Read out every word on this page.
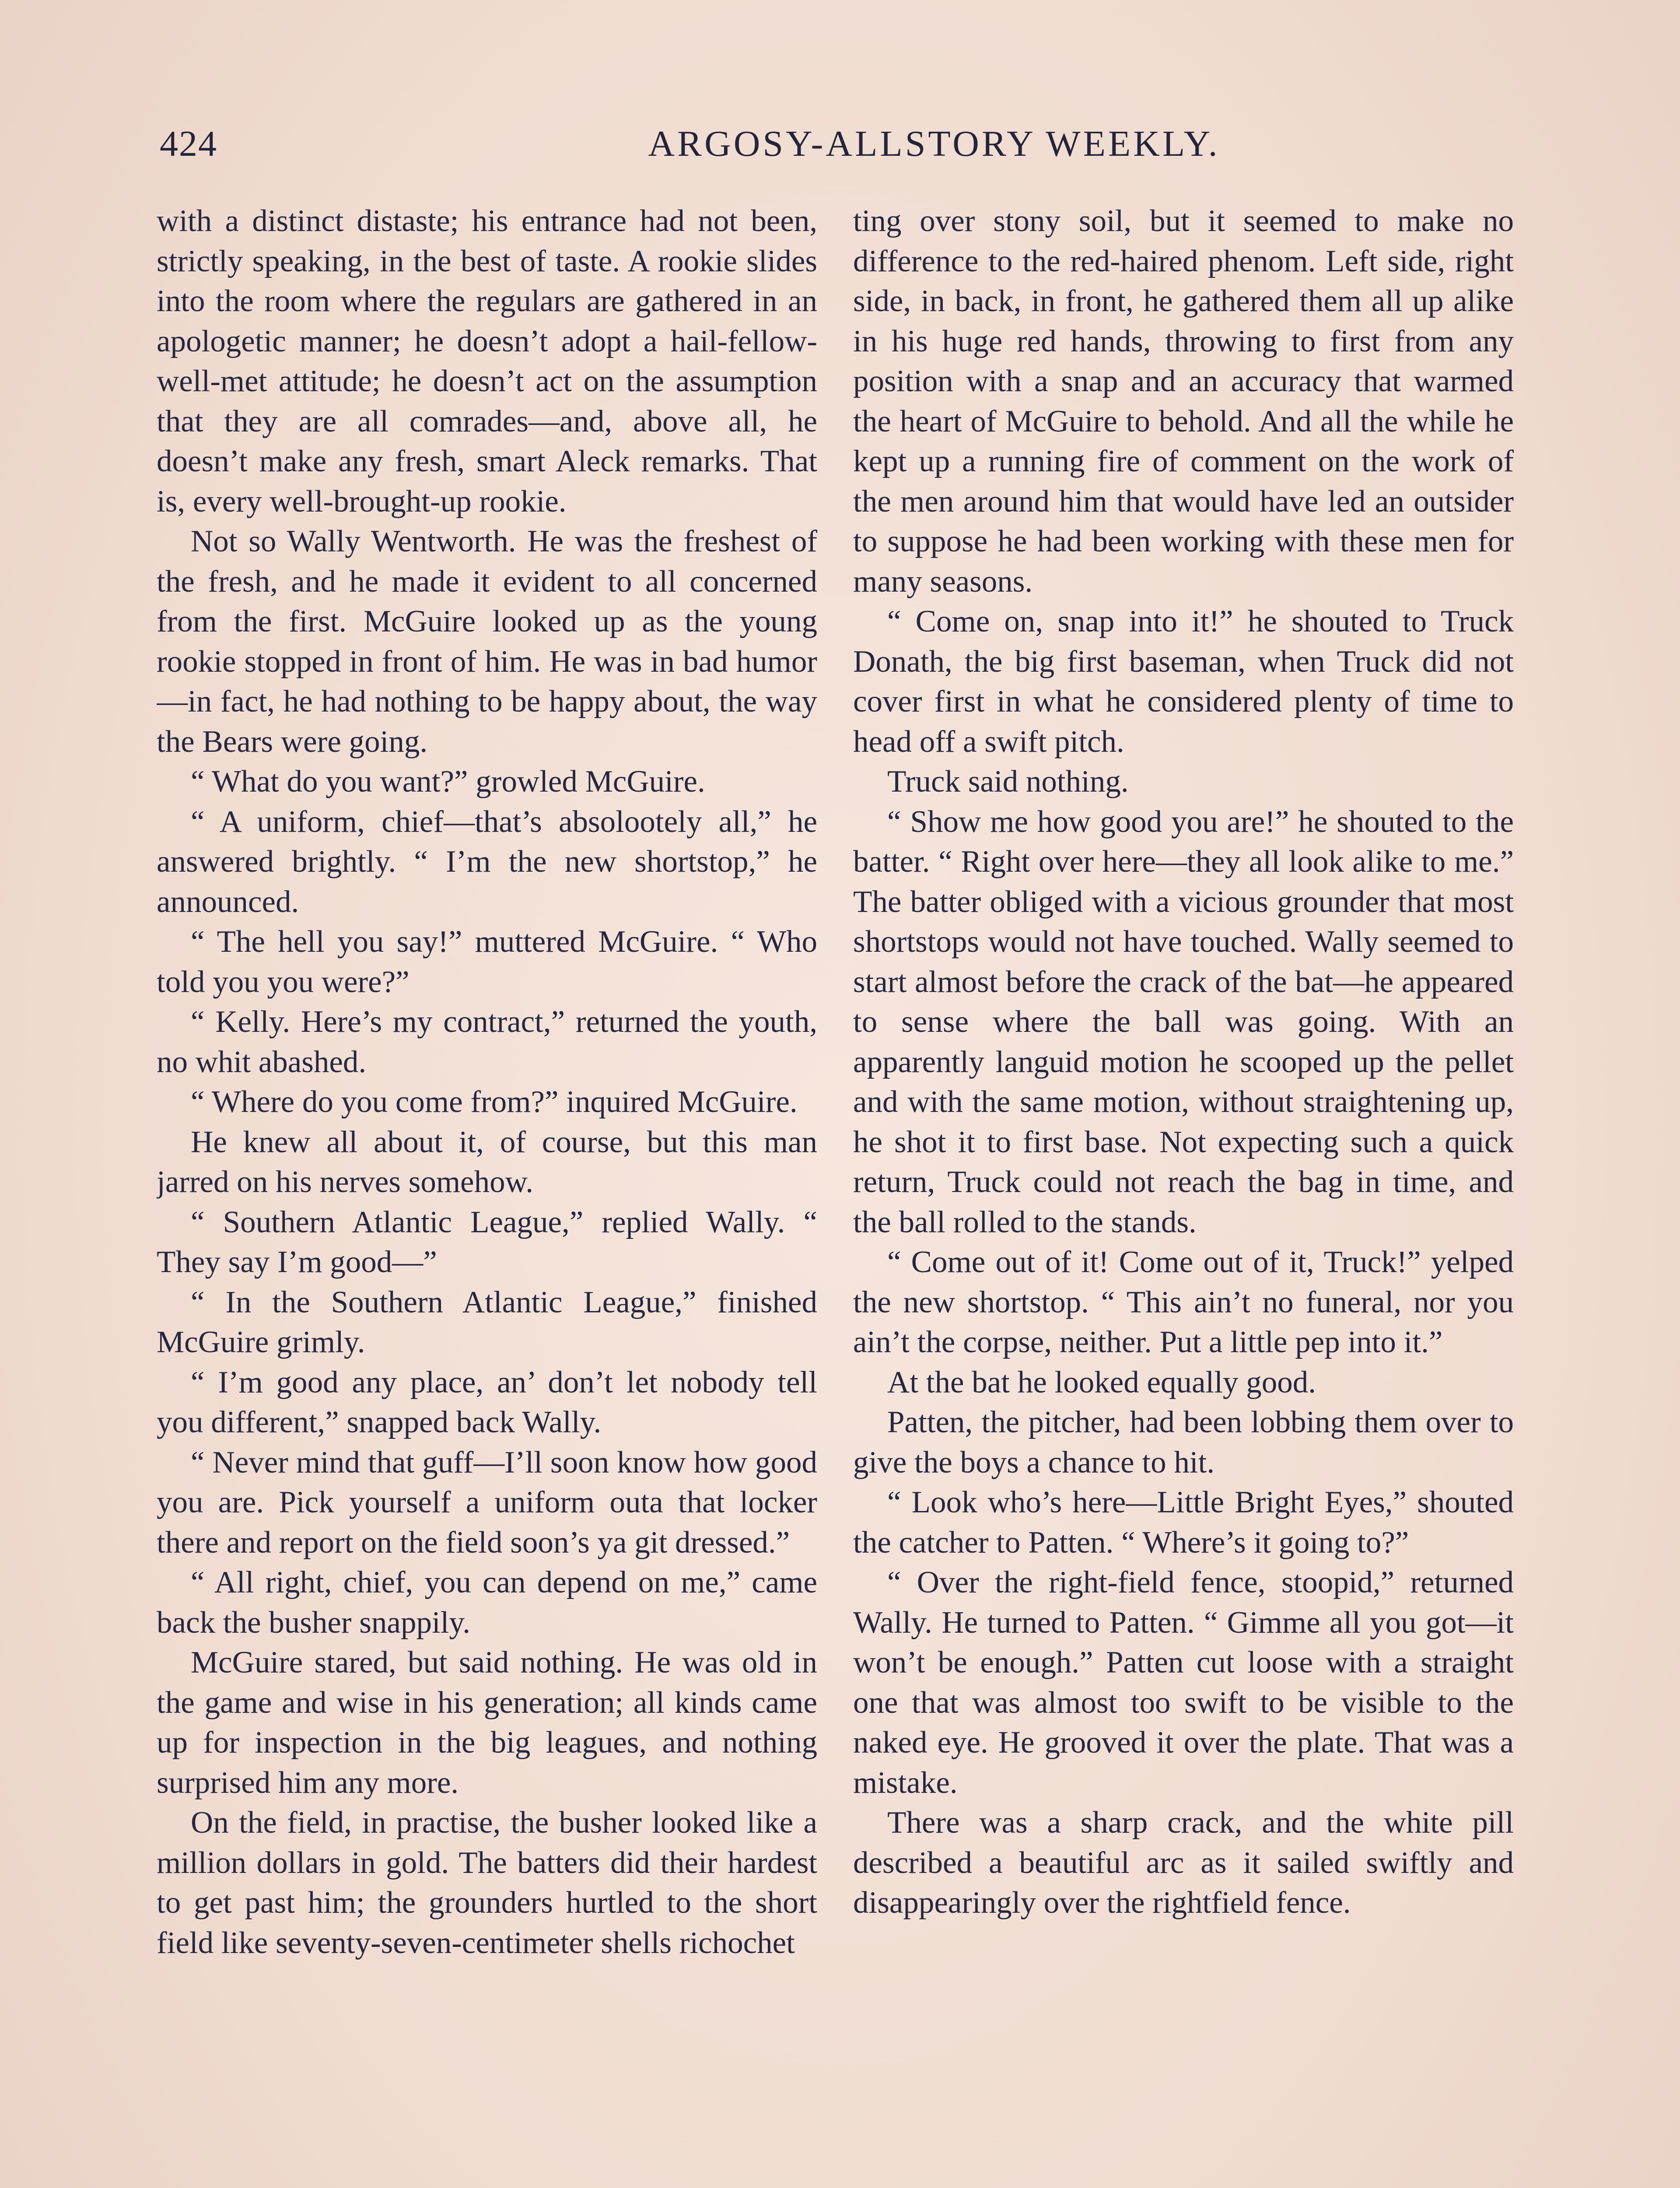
424	ARGOSY-ALLSTORY WEEKLY.

with a distinct distaste; his entrance had not been, strictly speaking, in the best of taste. A rookie slides into the room where the regulars are gathered in an apologetic manner; he doesn’t adopt a hail-fellow-well-met attitude; he doesn’t act on the assumption that they are all comrades—and, above all, he doesn’t make any fresh, smart Aleck remarks. That is, every well-brought-up rookie.

Not so Wally Wentworth. He was the freshest of the fresh, and he made it evident to all concerned from the first. McGuire looked up as the young rookie stopped in front of him. He was in bad humor—in fact, he had nothing to be happy about, the way the Bears were going.

“ What do you want?” growled McGuire.

“ A uniform, chief—that’s absolootely all,” he answered brightly. “ I’m the new shortstop,” he announced.

“ The hell you say!” muttered McGuire. “ Who told you you were?”

“ Kelly. Here’s my contract,” returned the youth, no whit abashed.

“ Where do you come from?” inquired McGuire.

He knew all about it, of course, but this man jarred on his nerves somehow.

“ Southern Atlantic League,” replied Wally. “ They say I’m good—”

“ In the Southern Atlantic League,” finished McGuire grimly.

“ I’m good any place, an’ don’t let nobody tell you different,” snapped back Wally.

“ Never mind that guff—I’ll soon know how good you are. Pick yourself a uniform outa that locker there and report on the field soon’s ya git dressed.”

“ All right, chief, you can depend on me,” came back the busher snappily.

McGuire stared, but said nothing. He was old in the game and wise in his generation; all kinds came up for inspection in the big leagues, and nothing surprised him any more.

On the field, in practise, the busher looked like a million dollars in gold. The batters did their hardest to get past him; the grounders hurtled to the short field like seventy-seven-centimeter shells richochet

ting over stony soil, but it seemed to make no difference to the red-haired phenom. Left side, right side, in back, in front, he gathered them all up alike in his huge red hands, throwing to first from any position with a snap and an accuracy that warmed the heart of McGuire to behold. And all the while he kept up a running fire of comment on the work of the men around him that would have led an outsider to suppose he had been working with these men for many seasons.

“ Come on, snap into it!” he shouted to Truck Donath, the big first baseman, when Truck did not cover first in what he considered plenty of time to head off a swift pitch.

Truck said nothing.

“ Show me how good you are!” he shouted to the batter. “ Right over here—they all look alike to me.” The batter obliged with a vicious grounder that most shortstops would not have touched. Wally seemed to start almost before the crack of the bat—he appeared to sense where the ball was going. With an apparently languid motion he scooped up the pellet and with the same motion, without straightening up, he shot it to first base. Not expecting such a quick return, Truck could not reach the bag in time, and the ball rolled to the stands.

“ Come out of it! Come out of it, Truck!” yelped the new shortstop. “ This ain’t no funeral, nor you ain’t the corpse, neither. Put a little pep into it.”

At the bat he looked equally good.

Patten, the pitcher, had been lobbing them over to give the boys a chance to hit.

“ Look who’s here—Little Bright Eyes,” shouted the catcher to Patten. “ Where’s it going to?”

“ Over the right-field fence, stoopid,” returned Wally. He turned to Patten. “ Gimme all you got—it won’t be enough.” Patten cut loose with a straight one that was almost too swift to be visible to the naked eye. He grooved it over the plate. That was a mistake.

There was a sharp crack, and the white pill described a beautiful arc as it sailed swiftly and disappearingly over the rightfield fence.
